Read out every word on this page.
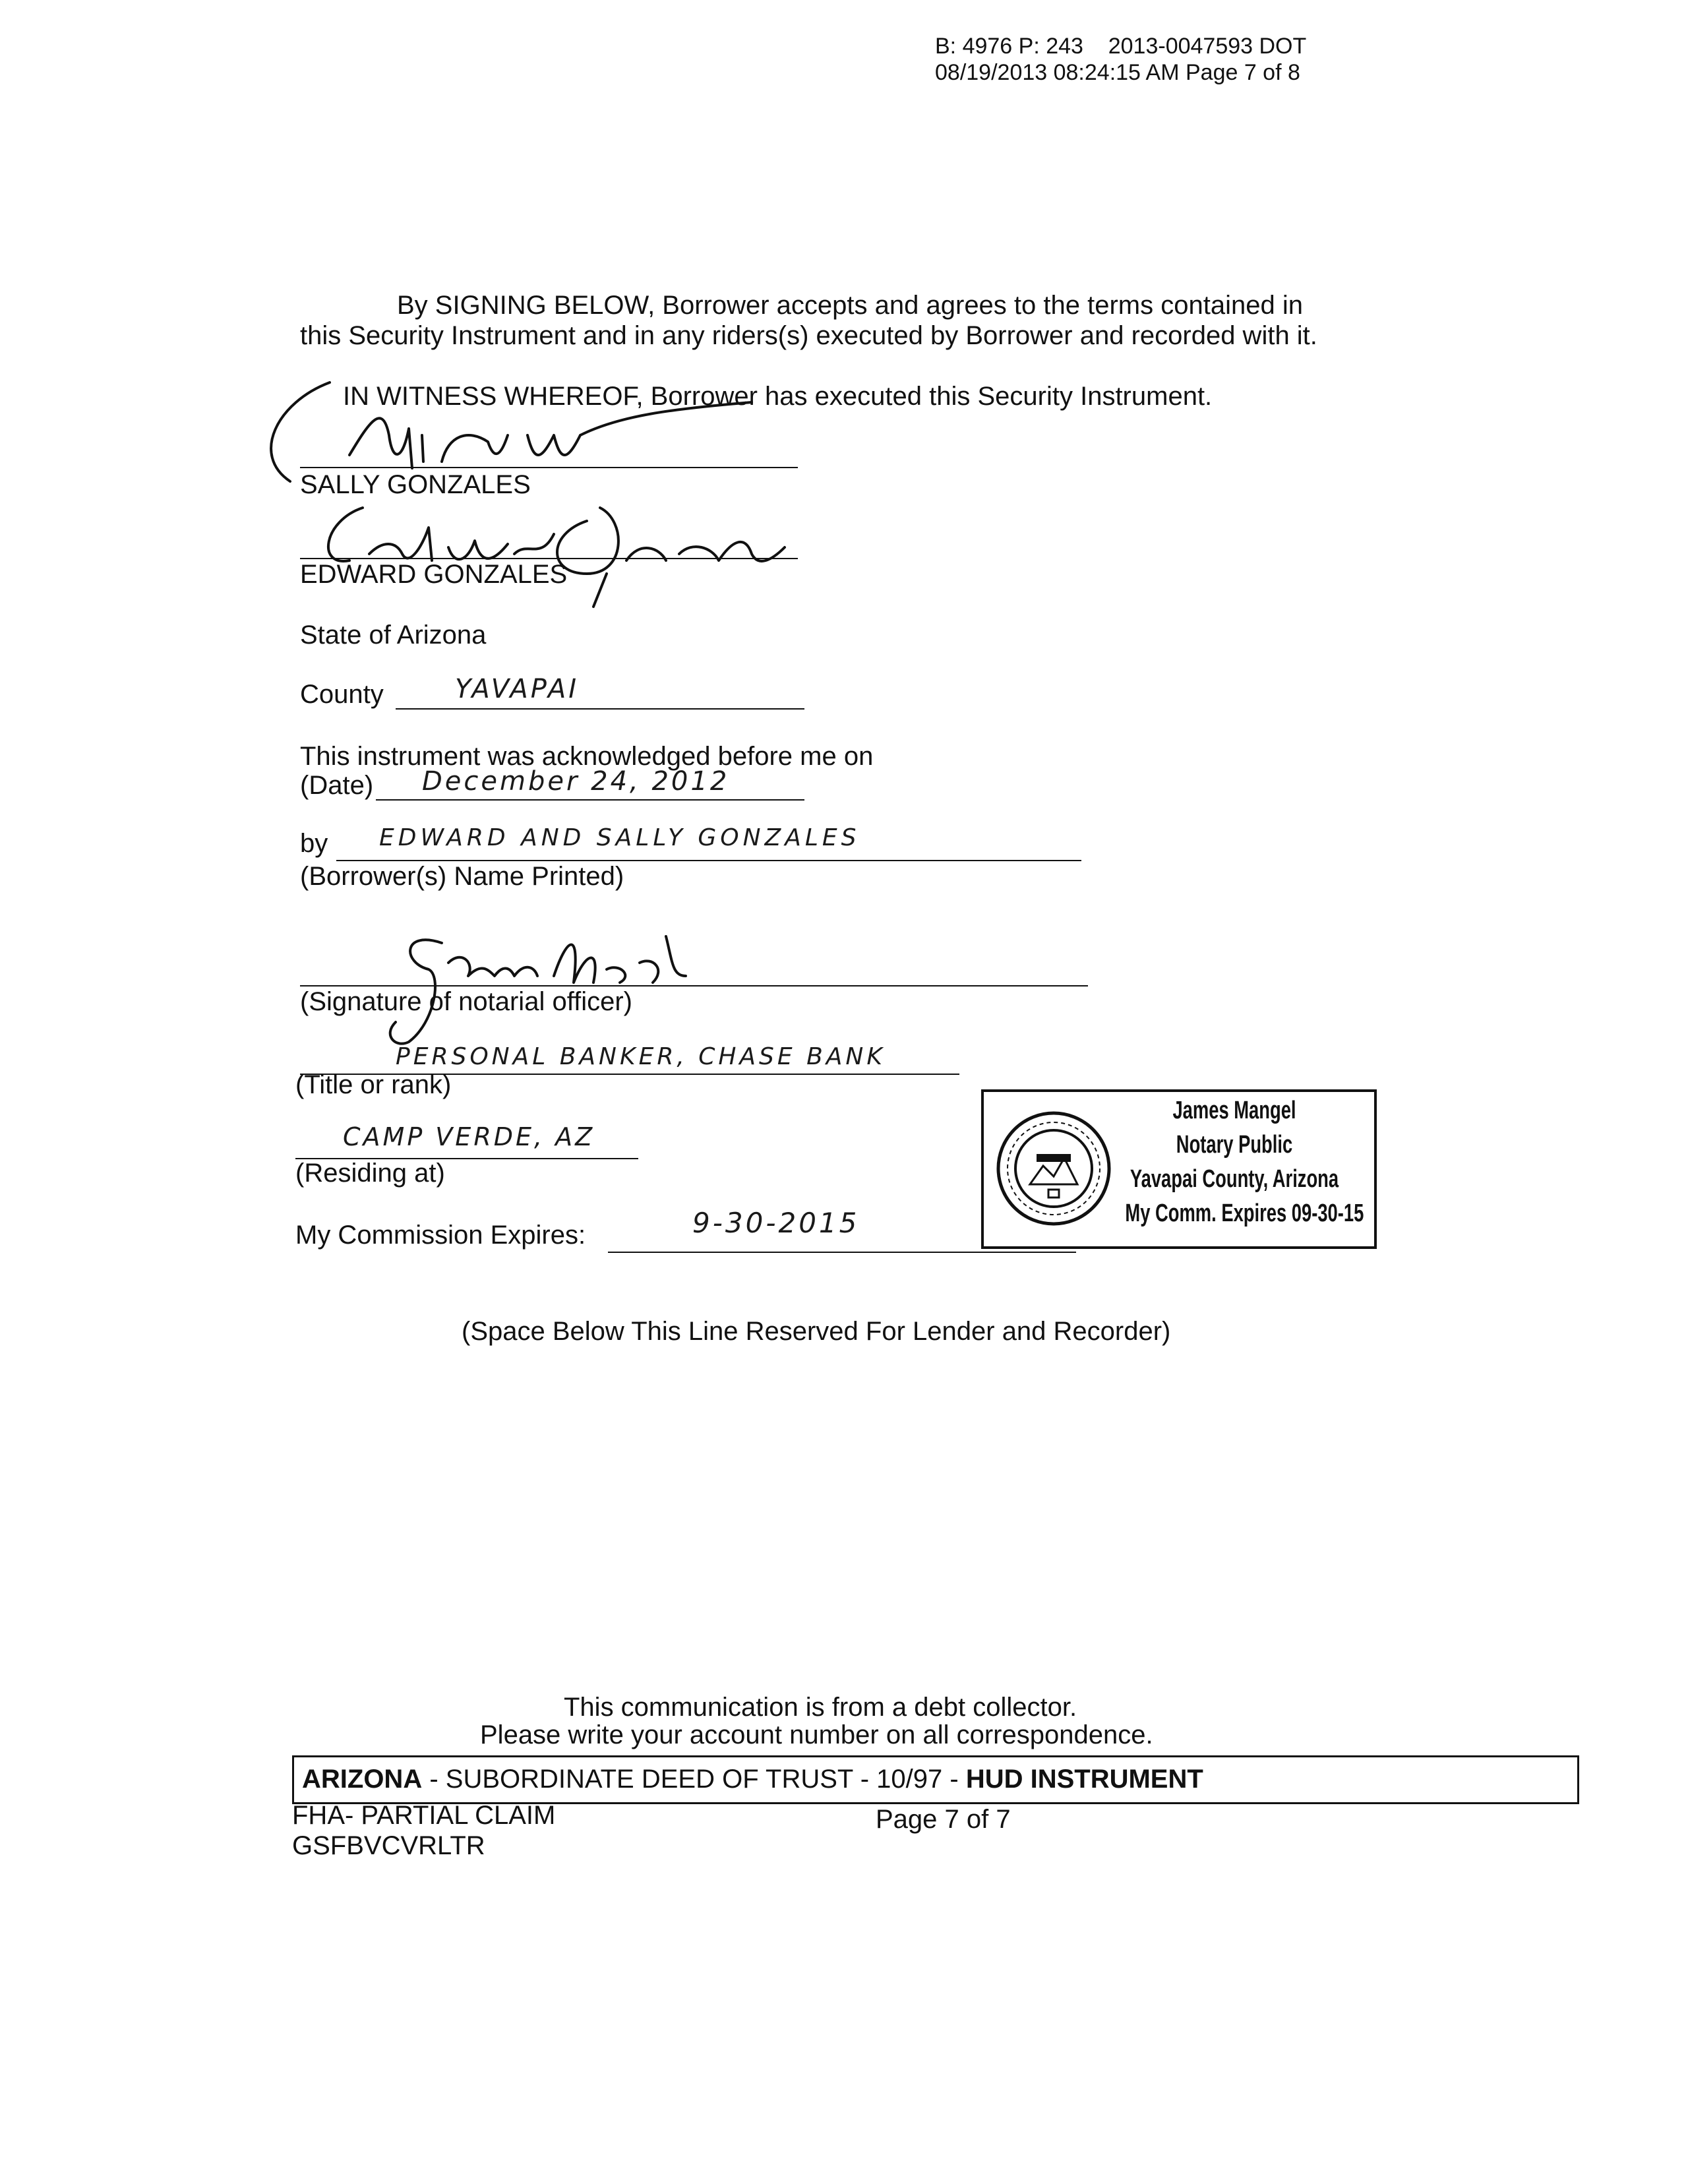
B: 4976 P: 243    2013-0047593 DOT
08/19/2013 08:24:15 AM Page 7 of 8
By SIGNING BELOW, Borrower accepts and agrees to the terms contained in
this Security Instrument and in any riders(s) executed by Borrower and recorded with it.
IN WITNESS WHEREOF, Borrower has executed this Security Instrument.
SALLY GONZALES
EDWARD GONZALES
State of Arizona
County	YAVAPAI
This instrument was acknowledged before me on
(Date) December 24, 2012
by EDWARD AND SALLY GONZALES
(Borrower(s) Name Printed)
(Signature of notarial officer)
PERSONAL BANKER, CHASE BANK
(Title or rank)
CAMP VERDE, AZ
(Residing at)
My Commission Expires:	9-30-2015
James Mangel
Notary Public
Yavapai County, Arizona
My Comm. Expires 09-30-15
(Space Below This Line Reserved For Lender and Recorder)
This communication is from a debt collector.
Please write your account number on all correspondence.
ARIZONA - SUBORDINATE DEED OF TRUST - 10/97 - HUD INSTRUMENT
FHA- PARTIAL CLAIM
GSFBVCVRLTR
Page 7 of 7
